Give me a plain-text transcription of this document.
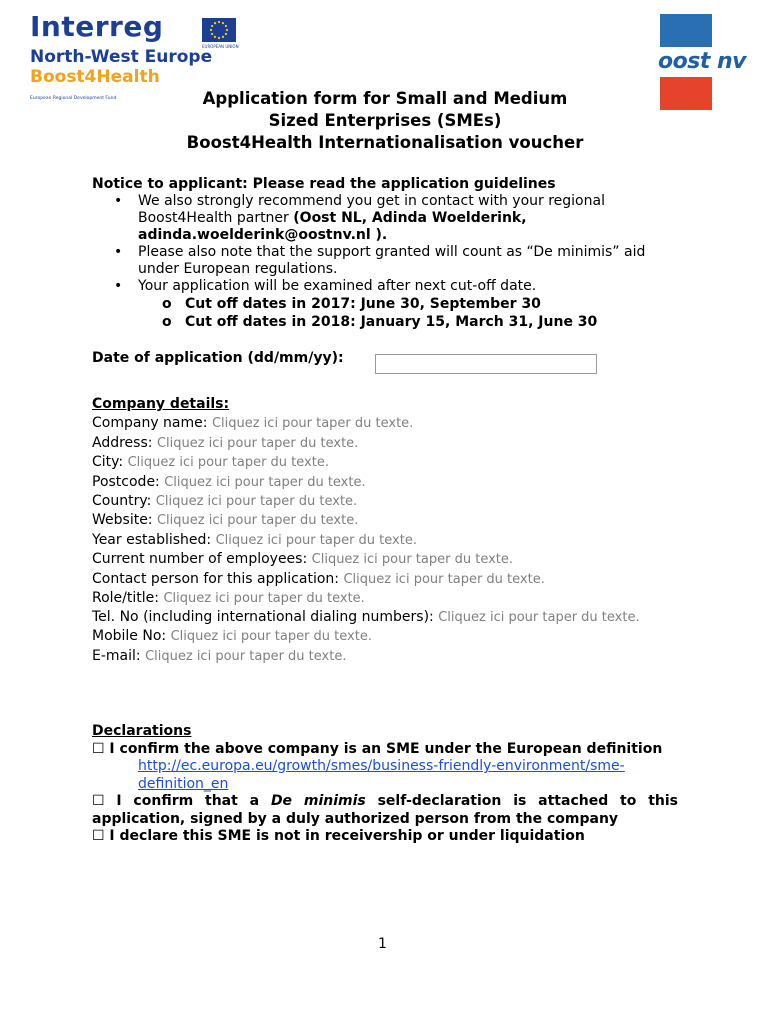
Interreg
EUROPEAN UNION
North-West Europe
Boost4Health
European Regional Development Fund
oost nv
Application form for Small and Medium
Sized Enterprises (SMEs)
Boost4Health Internationalisation voucher
Notice to applicant: Please read the application guidelines
• We also strongly recommend you get in contact with your regional Boost4Health partner (Oost NL, Adinda Woelderink, adinda.woelderink@oostnv.nl ).
• Please also note that the support granted will count as “De minimis” aid under European regulations.
• Your application will be examined after next cut-off date.
o Cut off dates in 2017: June 30, September 30
o Cut off dates in 2018: January 15, March 31, June 30
Date of application (dd/mm/yy):
Company details:
Company name: Cliquez ici pour taper du texte.
Address: Cliquez ici pour taper du texte.
City: Cliquez ici pour taper du texte.
Postcode: Cliquez ici pour taper du texte.
Country: Cliquez ici pour taper du texte.
Website: Cliquez ici pour taper du texte.
Year established: Cliquez ici pour taper du texte.
Current number of employees: Cliquez ici pour taper du texte.
Contact person for this application: Cliquez ici pour taper du texte.
Role/title: Cliquez ici pour taper du texte.
Tel. No (including international dialing numbers): Cliquez ici pour taper du texte.
Mobile No: Cliquez ici pour taper du texte.
E-mail: Cliquez ici pour taper du texte.
Declarations
☐ I confirm the above company is an SME under the European definition
http://ec.europa.eu/growth/smes/business-friendly-environment/sme-definition_en
☐ I confirm that a De minimis self-declaration is attached to this application, signed by a duly authorized person from the company
☐ I declare this SME is not in receivership or under liquidation
1
